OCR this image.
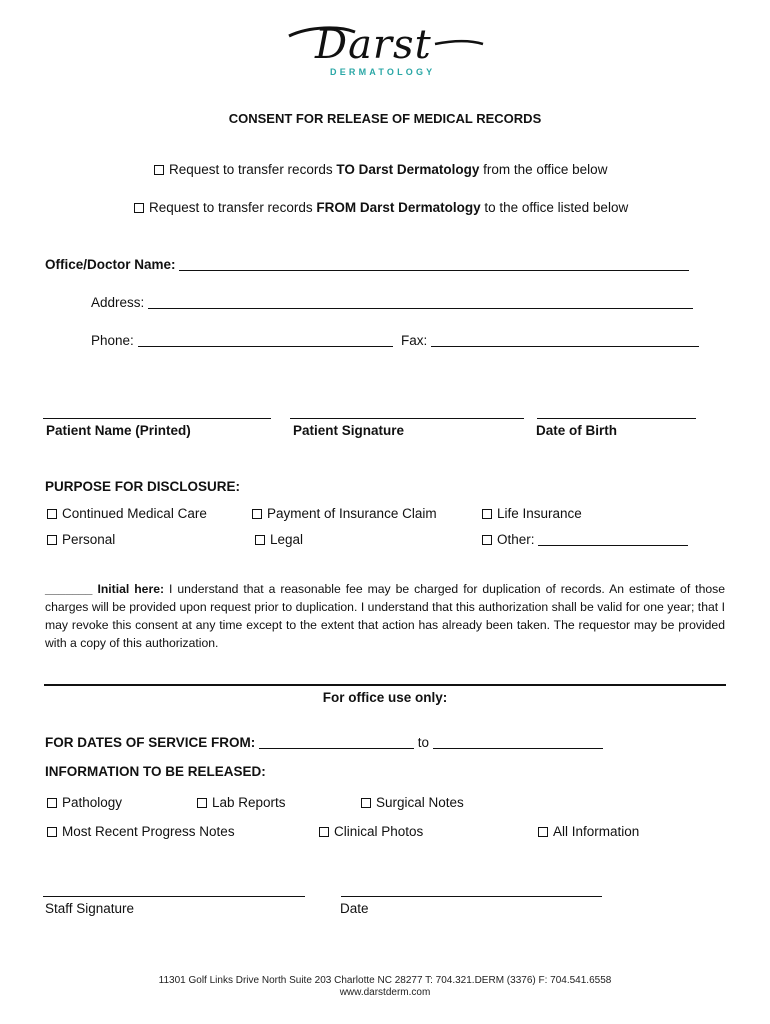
Darst
DERMATOLOGY
CONSENT FOR RELEASE OF MEDICAL RECORDS
Request to transfer records TO Darst Dermatology from the office below
Request to transfer records FROM Darst Dermatology to the office listed below
Office/Doctor Name:
Address:
Phone:	Fax:
Patient Name (Printed)	Patient Signature	Date of Birth
PURPOSE FOR DISCLOSURE:
Continued Medical Care	Payment of Insurance Claim	Life Insurance
Personal	Legal	Other:
_______ Initial here: I understand that a reasonable fee may be charged for duplication of records. An estimate of those charges will be provided upon request prior to duplication. I understand that this authorization shall be valid for one year; that I may revoke this consent at any time except to the extent that action has already been taken. The requestor may be provided with a copy of this authorization.
For office use only:
FOR DATES OF SERVICE FROM:	to
INFORMATION TO BE RELEASED:
Pathology	Lab Reports	Surgical Notes
Most Recent Progress Notes	Clinical Photos	All Information
Staff Signature	Date
11301 Golf Links Drive North Suite 203 Charlotte NC 28277 T: 704.321.DERM (3376) F: 704.541.6558
www.darstderm.com
